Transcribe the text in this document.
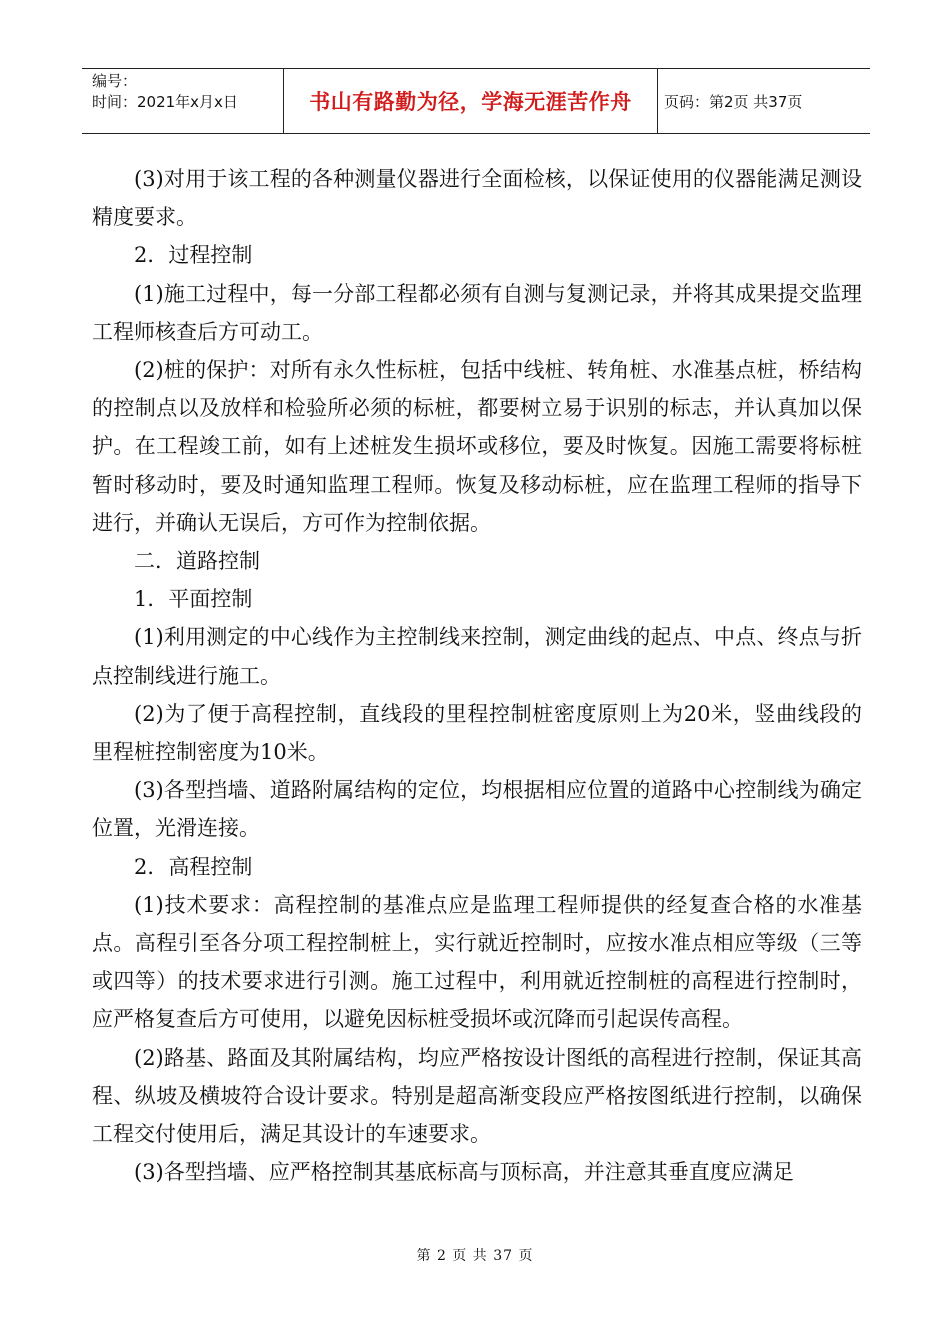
编号：
时间：2021年x月x日	书山有路勤为径，学海无涯苦作舟	页码：第2页 共37页

(3)对用于该工程的各种测量仪器进行全面检核，以保证使用的仪器能满足测设精度要求。

2．过程控制

(1)施工过程中，每一分部工程都必须有自测与复测记录，并将其成果提交监理工程师核查后方可动工。

(2)桩的保护：对所有永久性标桩，包括中线桩、转角桩、水准基点桩，桥结构的控制点以及放样和检验所必须的标桩，都要树立易于识别的标志，并认真加以保护。在工程竣工前，如有上述桩发生损坏或移位，要及时恢复。因施工需要将标桩暂时移动时，要及时通知监理工程师。恢复及移动标桩，应在监理工程师的指导下进行，并确认无误后，方可作为控制依据。

二．道路控制

1．平面控制

(1)利用测定的中心线作为主控制线来控制，测定曲线的起点、中点、终点与折点控制线进行施工。

(2)为了便于高程控制，直线段的里程控制桩密度原则上为20米，竖曲线段的里程桩控制密度为10米。

(3)各型挡墙、道路附属结构的定位，均根据相应位置的道路中心控制线为确定位置，光滑连接。

2．高程控制

(1)技术要求：高程控制的基准点应是监理工程师提供的经复查合格的水准基点。高程引至各分项工程控制桩上，实行就近控制时，应按水准点相应等级（三等或四等）的技术要求进行引测。施工过程中，利用就近控制桩的高程进行控制时，应严格复查后方可使用，以避免因标桩受损坏或沉降而引起误传高程。

(2)路基、路面及其附属结构，均应严格按设计图纸的高程进行控制，保证其高程、纵坡及横坡符合设计要求。特别是超高渐变段应严格按图纸进行控制，以确保工程交付使用后，满足其设计的车速要求。

(3)各型挡墙、应严格控制其基底标高与顶标高，并注意其垂直度应满足

第 2 页 共 37 页
